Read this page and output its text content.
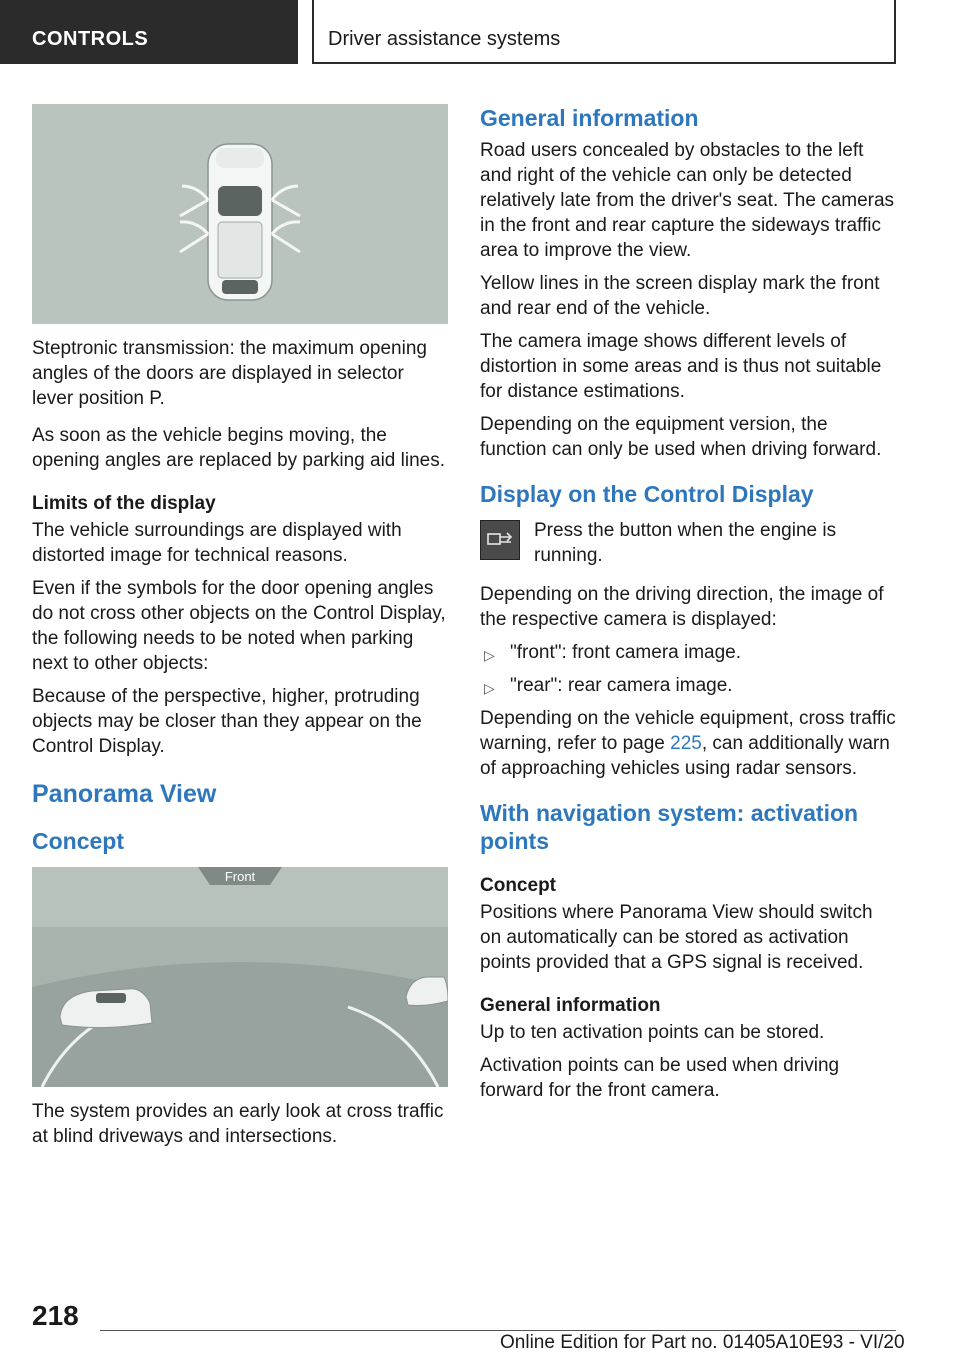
CONTROLS	Driver assistance systems

Steptronic transmission: the maximum opening angles of the doors are displayed in selector lever position P.

As soon as the vehicle begins moving, the opening angles are replaced by parking aid lines.

Limits of the display

The vehicle surroundings are displayed with distorted image for technical reasons.

Even if the symbols for the door opening angles do not cross other objects on the Control Display, the following needs to be noted when parking next to other objects:

Because of the perspective, higher, protruding objects may be closer than they appear on the Control Display.

Panorama View
Concept
Front

The system provides an early look at cross traffic at blind driveways and intersections.

General information

Road users concealed by obstacles to the left and right of the vehicle can only be detected relatively late from the driver's seat. The cameras in the front and rear capture the sideways traffic area to improve the view.

Yellow lines in the screen display mark the front and rear end of the vehicle.

The camera image shows different levels of distortion in some areas and is thus not suitable for distance estimations.

Depending on the equipment version, the function can only be used when driving forward.

Display on the Control Display

Press the button when the engine is running.

Depending on the driving direction, the image of the respective camera is displayed:

▷ "front": front camera image.
▷ "rear": rear camera image.

Depending on the vehicle equipment, cross traffic warning, refer to page 225, can additionally warn of approaching vehicles using radar sensors.

With navigation system: activation points
Concept

Positions where Panorama View should switch on automatically can be stored as activation points provided that a GPS signal is received.

General information

Up to ten activation points can be stored.

Activation points can be used when driving forward for the front camera.

218
Online Edition for Part no. 01405A10E93 - VI/20
